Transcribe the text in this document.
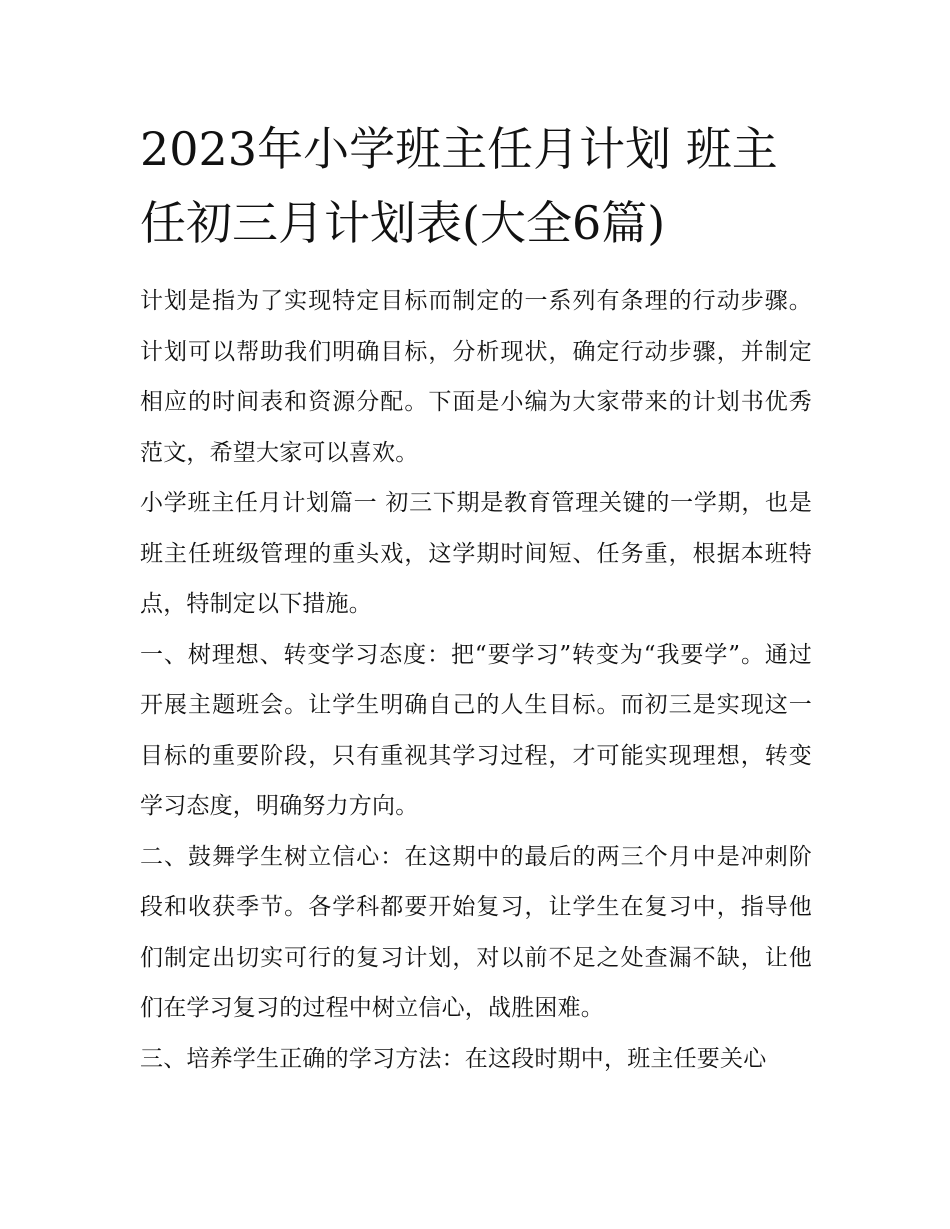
2023年小学班主任月计划 班主任初三月计划表(大全6篇)

计划是指为了实现特定目标而制定的一系列有条理的行动步骤。计划可以帮助我们明确目标，分析现状，确定行动步骤，并制定相应的时间表和资源分配。下面是小编为大家带来的计划书优秀范文，希望大家可以喜欢。

小学班主任月计划篇一 初三下期是教育管理关键的一学期，也是班主任班级管理的重头戏，这学期时间短、任务重，根据本班特点，特制定以下措施。

一、树理想、转变学习态度：把“要学习”转变为“我要学”。通过开展主题班会。让学生明确自己的人生目标。而初三是实现这一目标的重要阶段，只有重视其学习过程，才可能实现理想，转变学习态度，明确努力方向。

二、鼓舞学生树立信心：在这期中的最后的两三个月中是冲刺阶段和收获季节。各学科都要开始复习，让学生在复习中，指导他们制定出切实可行的复习计划，对以前不足之处查漏不缺，让他们在学习复习的过程中树立信心，战胜困难。

三、培养学生正确的学习方法：在这段时期中，班主任要关心
